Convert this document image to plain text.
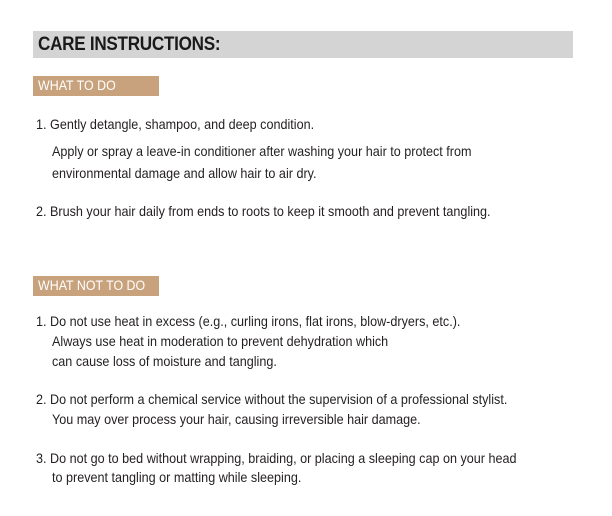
CARE INSTRUCTIONS:
WHAT TO DO
1. Gently detangle, shampoo, and deep condition.
Apply or spray a leave-in conditioner after washing your hair to protect from
environmental damage and allow hair to air dry.
2. Brush your hair daily from ends to roots to keep it smooth and prevent tangling.
WHAT NOT TO DO
1. Do not use heat in excess (e.g., curling irons, flat irons, blow-dryers, etc.).
Always use heat in moderation to prevent dehydration which
can cause loss of moisture and tangling.
2. Do not perform a chemical service without the supervision of a professional stylist.
You may over process your hair, causing irreversible hair damage.
3. Do not go to bed without wrapping, braiding, or placing a sleeping cap on your head
to prevent tangling or matting while sleeping.
